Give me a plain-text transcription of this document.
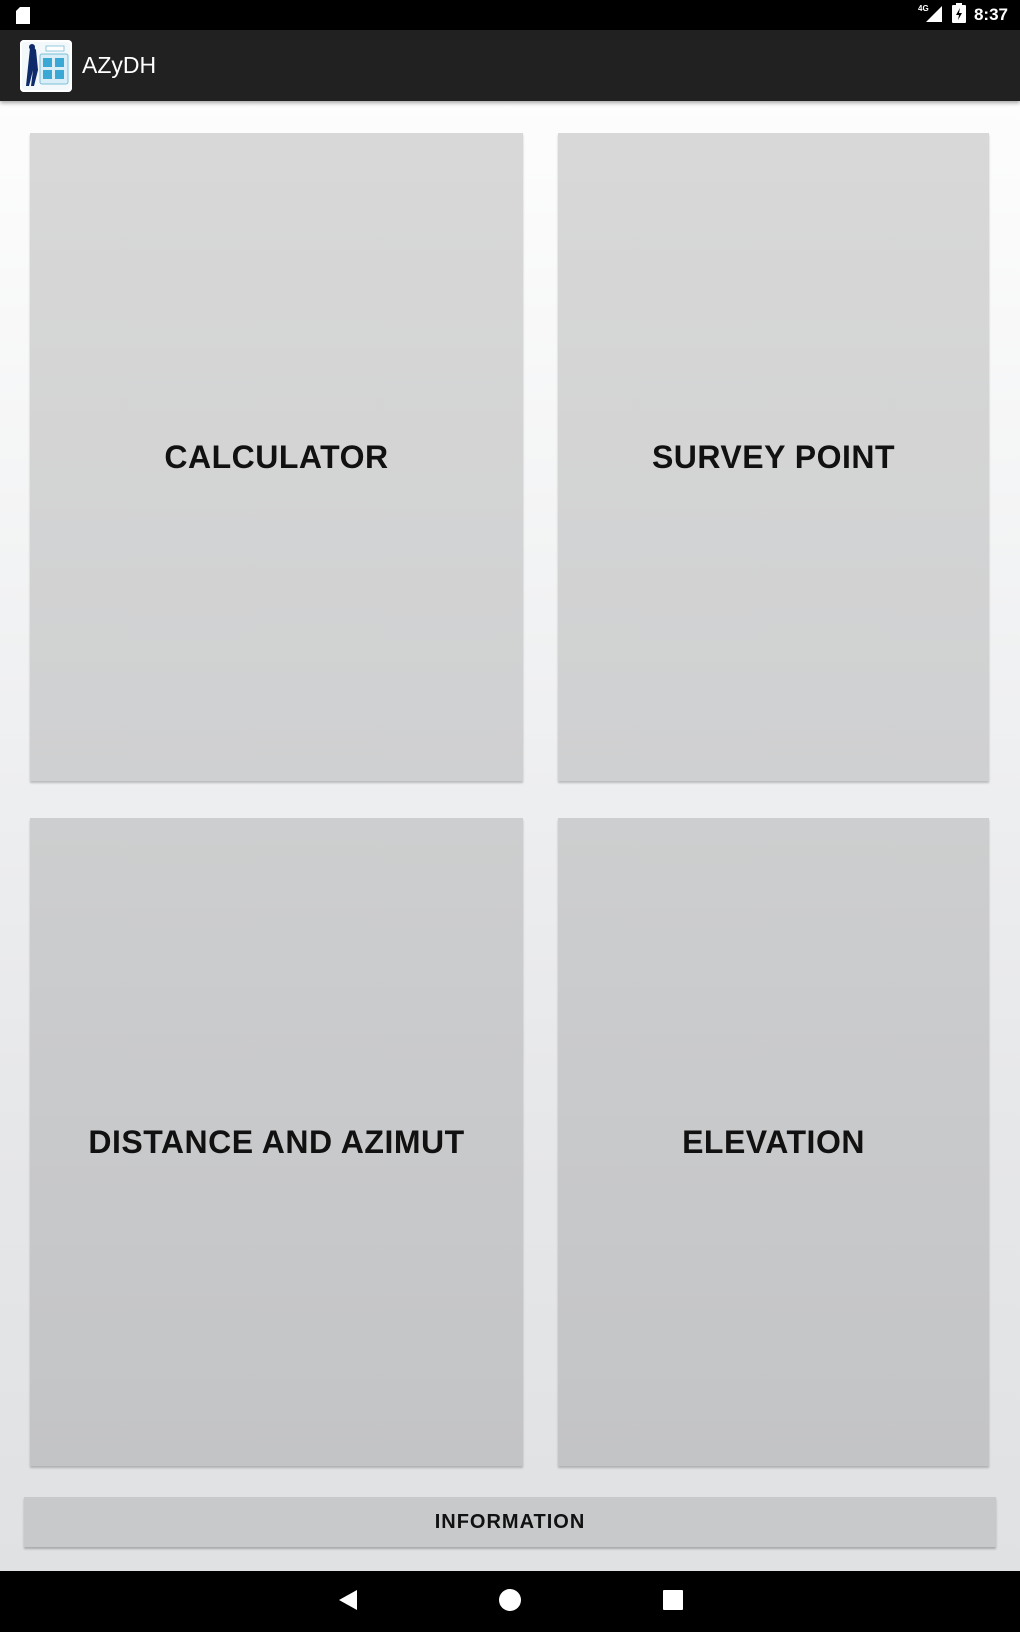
4G	8:37
AZyDH
CALCULATOR	SURVEY POINT
DISTANCE AND AZIMUT	ELEVATION
INFORMATION
